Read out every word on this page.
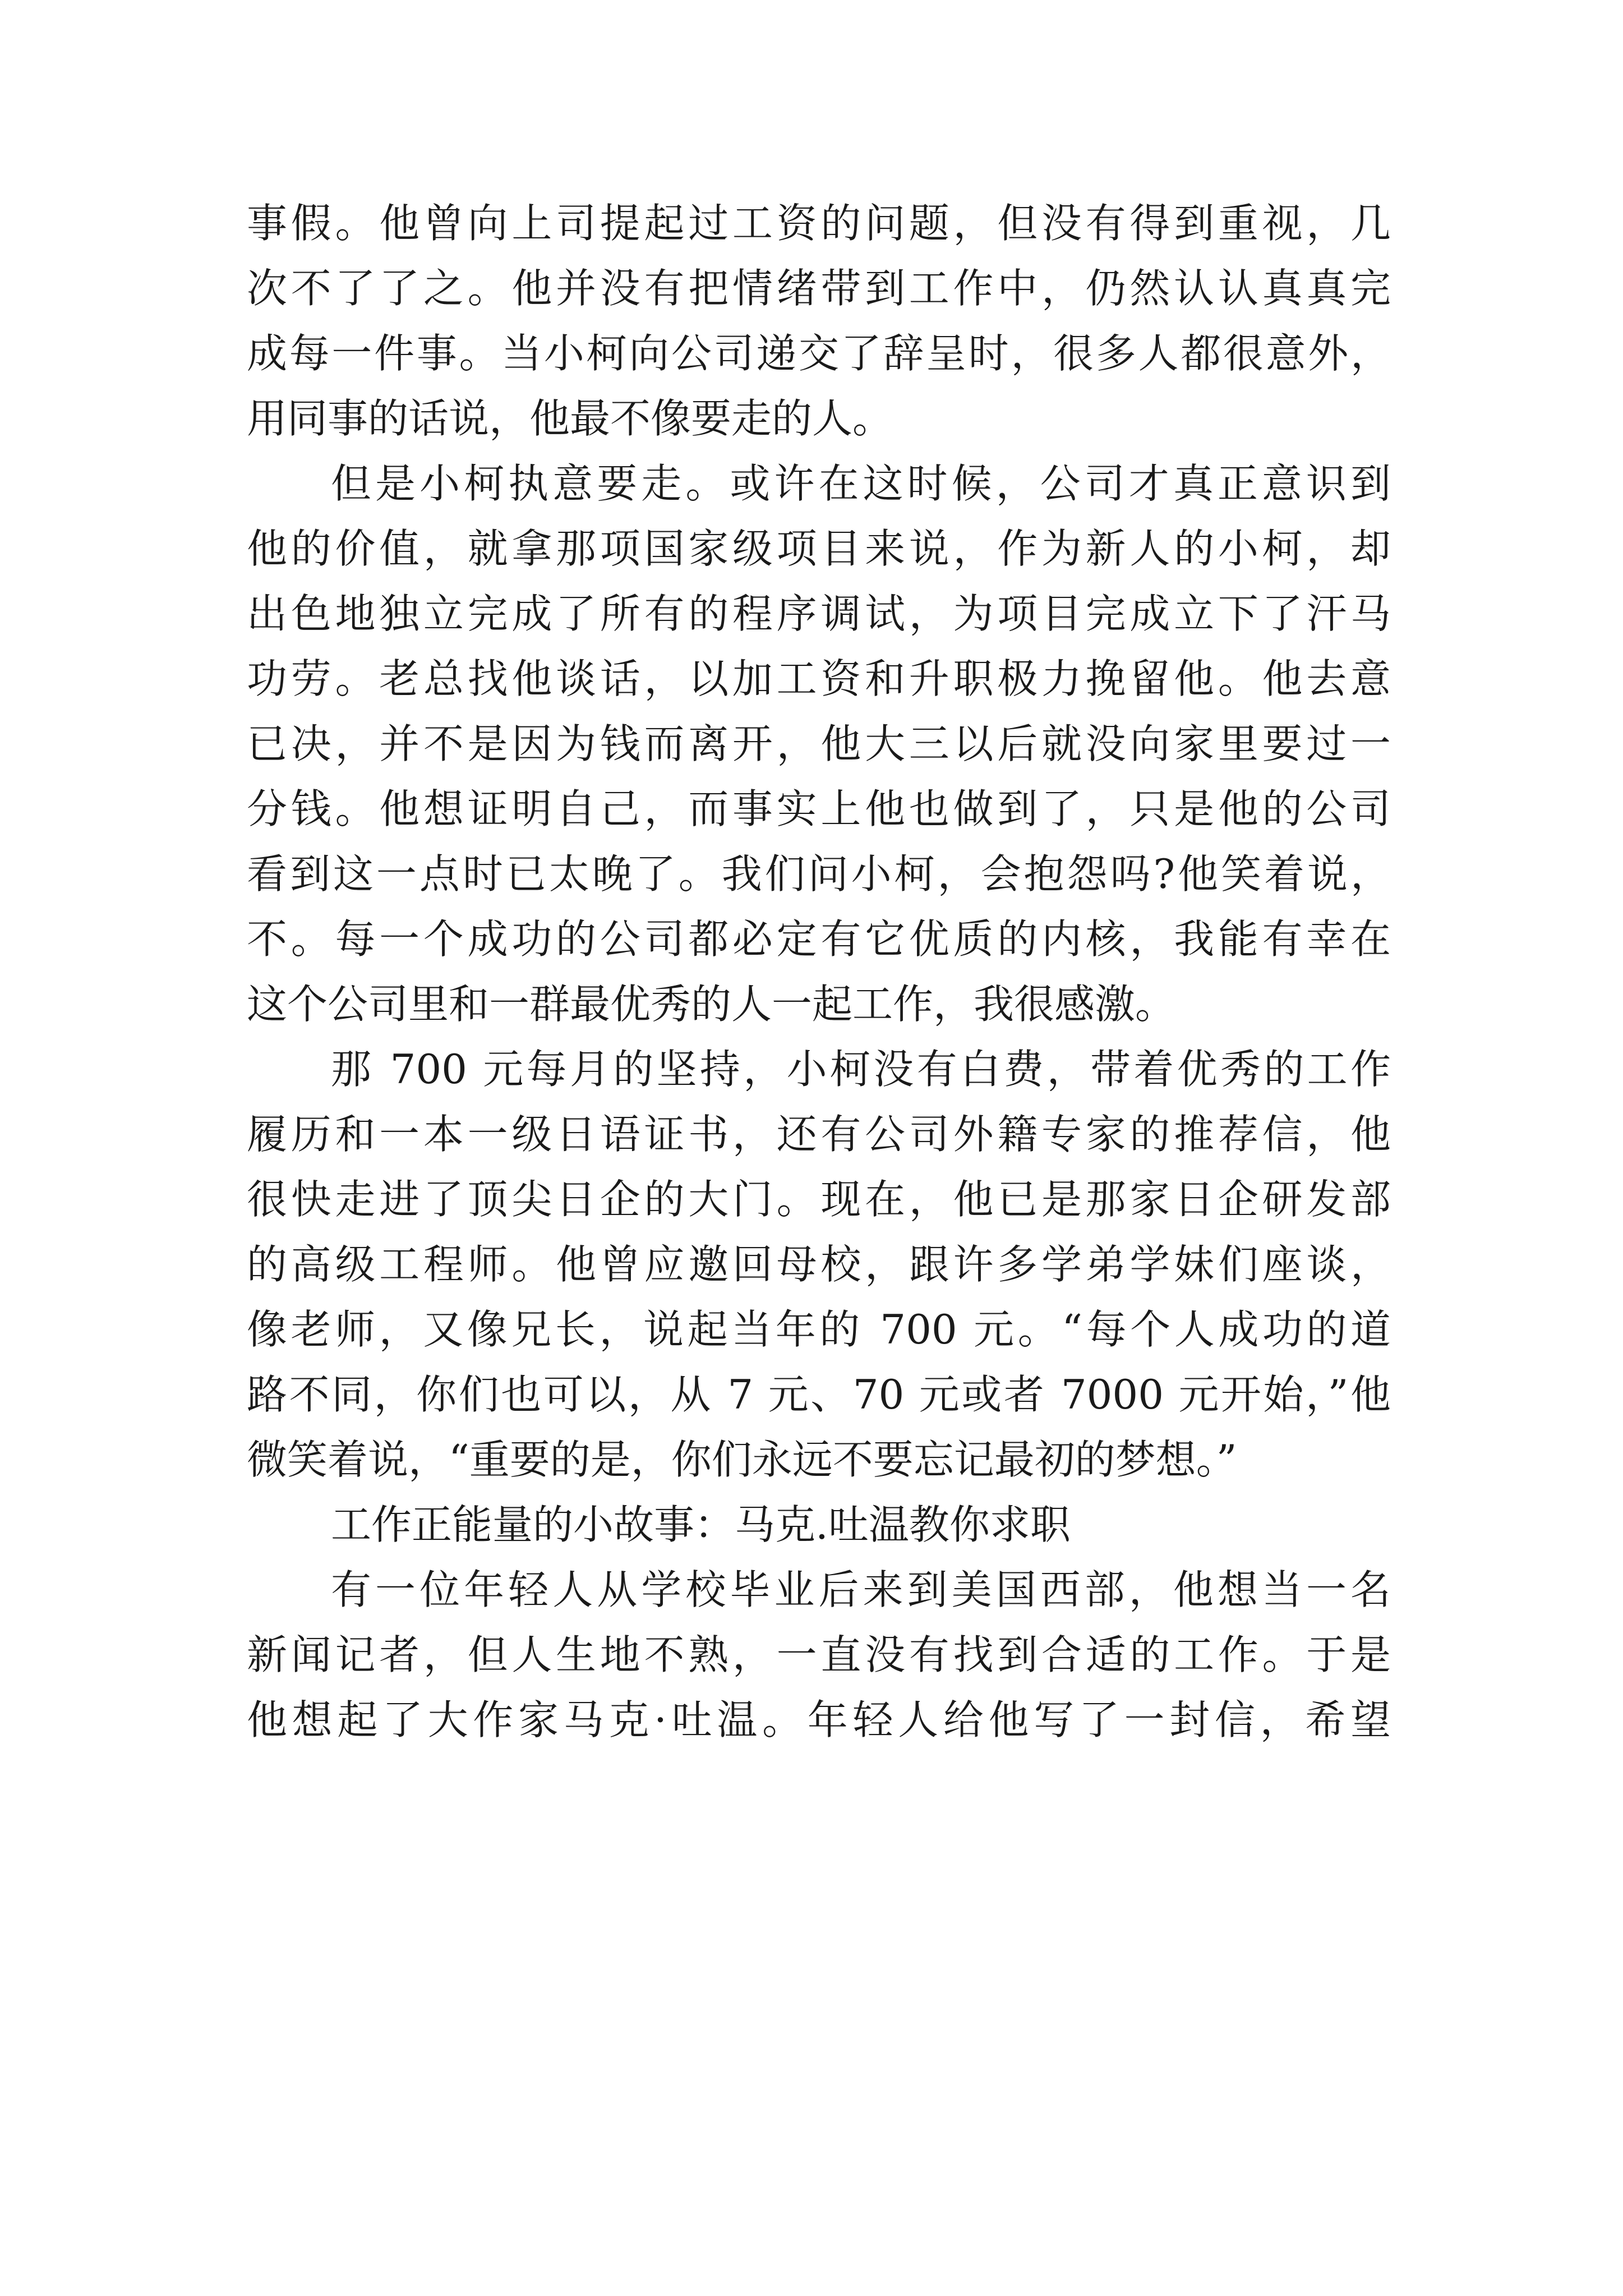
事假。他曾向上司提起过工资的问题，但没有得到重视，几
次不了了之。他并没有把情绪带到工作中，仍然认认真真完
成每一件事。当小柯向公司递交了辞呈时，很多人都很意外，
用同事的话说，他最不像要走的人。
但是小柯执意要走。或许在这时候，公司才真正意识到
他的价值，就拿那项国家级项目来说，作为新人的小柯，却
出色地独立完成了所有的程序调试，为项目完成立下了汗马
功劳。老总找他谈话，以加工资和升职极力挽留他。他去意
已决，并不是因为钱而离开，他大三以后就没向家里要过一
分钱。他想证明自己，而事实上他也做到了，只是他的公司
看到这一点时已太晚了。我们问小柯，会抱怨吗?他笑着说，
不。每一个成功的公司都必定有它优质的内核，我能有幸在
这个公司里和一群最优秀的人一起工作，我很感激。
那 700 元每月的坚持，小柯没有白费，带着优秀的工作
履历和一本一级日语证书，还有公司外籍专家的推荐信，他
很快走进了顶尖日企的大门。现在，他已是那家日企研发部
的高级工程师。他曾应邀回母校，跟许多学弟学妹们座谈，
像老师，又像兄长，说起当年的 700 元。“每个人成功的道
路不同，你们也可以，从 7 元、70 元或者 7000 元开始，”他
微笑着说，“重要的是，你们永远不要忘记最初的梦想。”
工作正能量的小故事：马克.吐温教你求职
有一位年轻人从学校毕业后来到美国西部，他想当一名
新闻记者，但人生地不熟，一直没有找到合适的工作。于是
他想起了大作家马克·吐温。年轻人给他写了一封信，希望
